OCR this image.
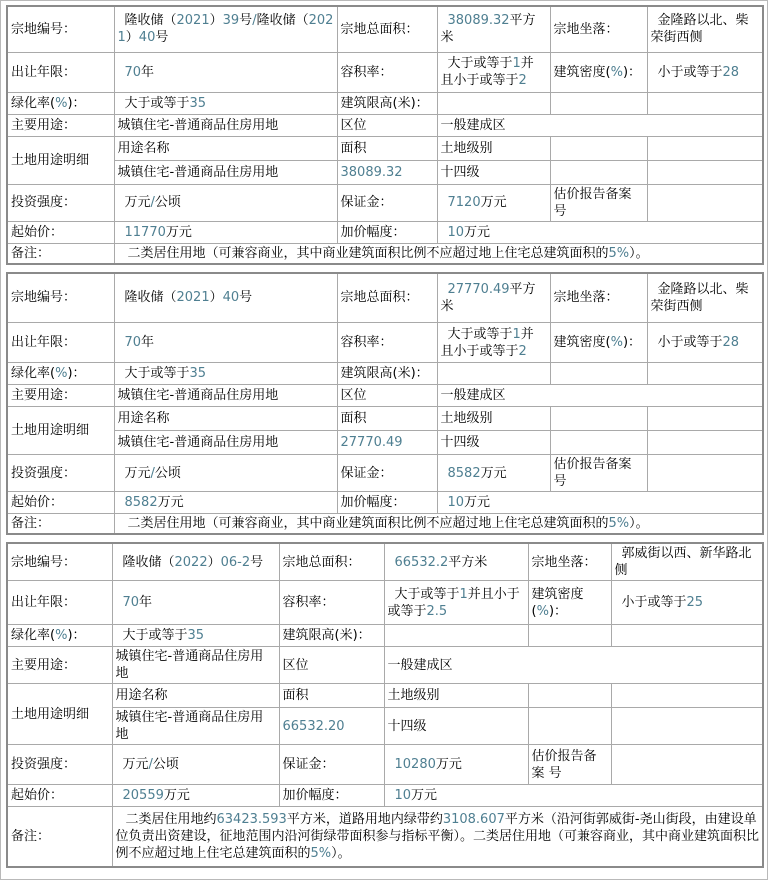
宗地编号：	隆收储（2021）39号/隆收储（2021）40号	宗地总面积：	38089.32平方米	宗地坐落：	金隆路以北、柴荣街西侧
出让年限：	70年	容积率：	大于或等于1并且小于或等于2	建筑密度(%)：	小于或等于28
绿化率(%)：	大于或等于35	建筑限高(米)：			
主要用途：	城镇住宅-普通商品住房用地	区位	一般建成区		
土地用途明细	用途名称	面积	土地级别		
	城镇住宅-普通商品住房用地	38089.32	十四级		
投资强度：	万元/公顷	保证金：	7120万元	估价报告备案号	
起始价：	11770万元	加价幅度：	10万元		
备注：	二类居住用地（可兼容商业，其中商业建筑面积比例不应超过地上住宅总建筑面积的5%）。				
宗地编号：	隆收储（2021）40号	宗地总面积：	27770.49平方米	宗地坐落：	金隆路以北、柴荣街西侧
出让年限：	70年	容积率：	大于或等于1并且小于或等于2	建筑密度(%)：	小于或等于28
绿化率(%)：	大于或等于35	建筑限高(米)：			
主要用途：	城镇住宅-普通商品住房用地	区位	一般建成区		
土地用途明细	用途名称	面积	土地级别		
	城镇住宅-普通商品住房用地	27770.49	十四级		
投资强度：	万元/公顷	保证金：	8582万元	估价报告备案号	
起始价：	8582万元	加价幅度：	10万元		
备注：	二类居住用地（可兼容商业，其中商业建筑面积比例不应超过地上住宅总建筑面积的5%）。				
宗地编号：	隆收储（2022）06-2号	宗地总面积：	66532.2平方米	宗地坐落：	郭威街以西、新华路北侧
出让年限：	70年	容积率：	大于或等于1并且小于或等于2.5	建筑密度(%)：	小于或等于25
绿化率(%)：	大于或等于35	建筑限高(米)：			
主要用途：	城镇住宅-普通商品住房用地	区位	一般建成区		
土地用途明细	用途名称	面积	土地级别		
	城镇住宅-普通商品住房用地	66532.20	十四级		
投资强度：	万元/公顷	保证金：	10280万元	估价报告备案 号	
起始价：	20559万元	加价幅度：	10万元		
备注：	二类居住用地约63423.593平方米，道路用地内绿带约3108.607平方米（沿河街郭威街-尧山街段，由建设单位负责出资建设，征地范围内沿河街绿带面积参与指标平衡）。二类居住用地（可兼容商业，其中商业建筑面积比例不应超过地上住宅总建筑面积的5%）。				
